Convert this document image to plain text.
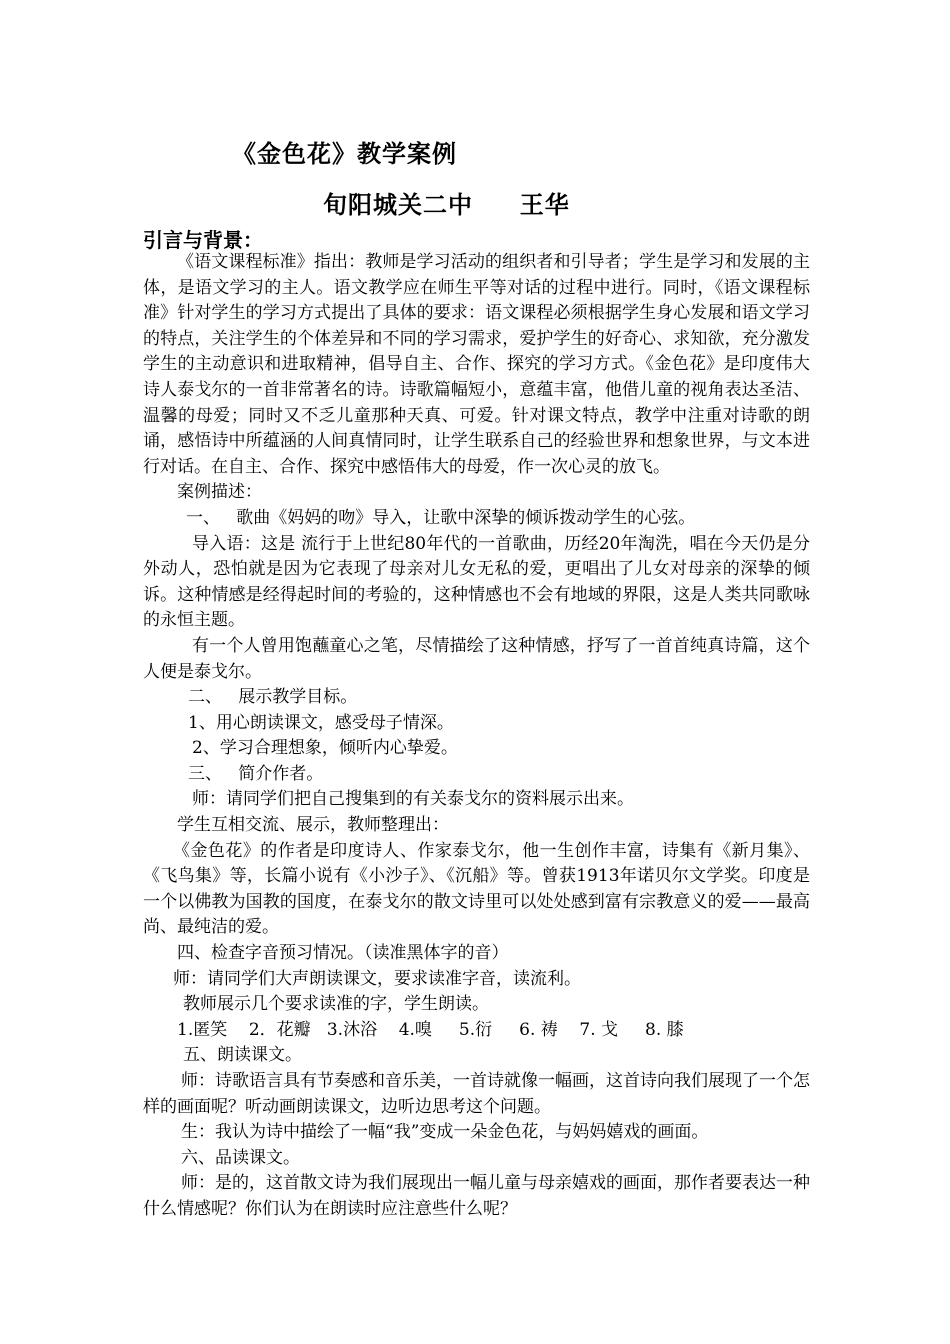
《金色花》教学案例
旬阳城关二中     王华
引言与背景：

《语文课程标准》指出：教师是学习活动的组织者和引导者；学生是学习和发展的主体，是语文学习的主人。语文教学应在师生平等对话的过程中进行。同时，《语文课程标准》针对学生的学习方式提出了具体的要求：语文课程必须根据学生身心发展和语文学习的特点，关注学生的个体差异和不同的学习需求，爱护学生的好奇心、求知欲，充分激发学生的主动意识和进取精神，倡导自主、合作、探究的学习方式。《金色花》是印度伟大诗人泰戈尔的一首非常著名的诗。诗歌篇幅短小，意蕴丰富，他借儿童的视角表达圣洁、温馨的母爱；同时又不乏儿童那种天真、可爱。针对课文特点，教学中注重对诗歌的朗诵，感悟诗中所蕴涵的人间真情同时，让学生联系自己的经验世界和想象世界，与文本进行对话。在自主、合作、探究中感悟伟大的母爱，作一次心灵的放飞。

案例描述：

一、   歌曲《妈妈的吻》导入，让歌中深挚的倾诉拨动学生的心弦。

导入语：这是 流行于上世纪80年代的一首歌曲，历经20年淘洗，唱在今天仍是分外动人，恐怕就是因为它表现了母亲对儿女无私的爱，更唱出了儿女对母亲的深挚的倾诉。这种情感是经得起时间的考验的，这种情感也不会有地域的界限，这是人类共同歌咏的永恒主题。

有一个人曾用饱蘸童心之笔，尽情描绘了这种情感，抒写了一首首纯真诗篇，这个人便是泰戈尔。

二、   展示教学目标。

1、用心朗读课文，感受母子情深。

2、学习合理想象，倾听内心挚爱。

三、   简介作者。

师：请同学们把自己搜集到的有关泰戈尔的资料展示出来。

学生互相交流、展示，教师整理出：

《金色花》的作者是印度诗人、作家泰戈尔，他一生创作丰富，诗集有《新月集》、《飞鸟集》等，长篇小说有《小沙子》、《沉船》等。曾获1913年诺贝尔文学奖。印度是一个以佛教为国教的国度，在泰戈尔的散文诗里可以处处感到富有宗教意义的爱——最高尚、最纯洁的爱。

四、检查字音预习情况。（读准黑体字的音）

师：请同学们大声朗读课文，要求读准字音，读流利。

教师展示几个要求读准的字，学生朗读。

1.匿笑    2．花瓣   3.沐浴    4.嗅     5.衍     6. 祷    7. 戈     8. 膝

五、朗读课文。

师：诗歌语言具有节奏感和音乐美，一首诗就像一幅画，这首诗向我们展现了一个怎样的画面呢？听动画朗读课文，边听边思考这个问题。

生：我认为诗中描绘了一幅“我”变成一朵金色花，与妈妈嬉戏的画面。

六、品读课文。

师：是的，这首散文诗为我们展现出一幅儿童与母亲嬉戏的画面，那作者要表达一种什么情感呢？你们认为在朗读时应注意些什么呢？
